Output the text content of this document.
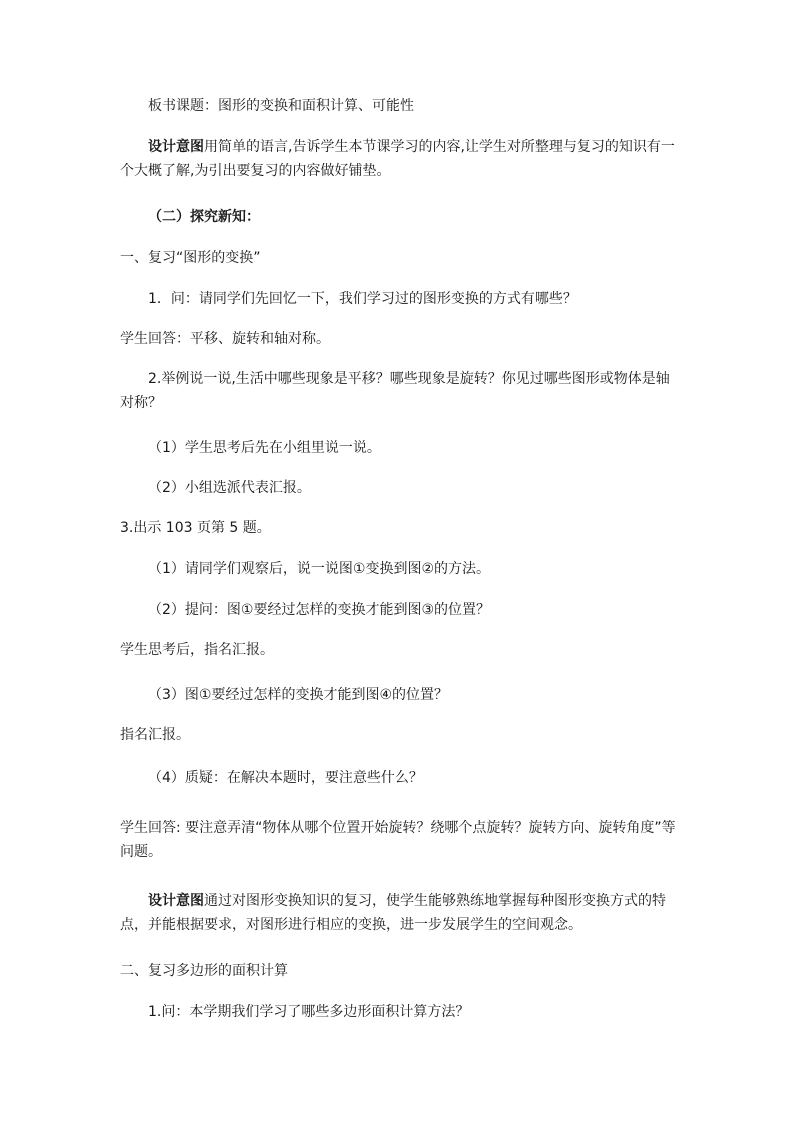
板书课题：图形的变换和面积计算、可能性

设计意图用简单的语言,告诉学生本节课学习的内容,让学生对所整理与复习的知识有一个大概了解,为引出要复习的内容做好铺垫。

（二）探究新知：

一、复习“图形的变换”

1．问：请同学们先回忆一下，我们学习过的图形变换的方式有哪些？

学生回答：平移、旋转和轴对称。

2.举例说一说,生活中哪些现象是平移？哪些现象是旋转？你见过哪些图形或物体是轴对称？

（1）学生思考后先在小组里说一说。

（2）小组选派代表汇报。

3.出示 103 页第 5 题。

（1）请同学们观察后，说一说图①变换到图②的方法。

（2）提问：图①要经过怎样的变换才能到图③的位置？

学生思考后，指名汇报。

（3）图①要经过怎样的变换才能到图④的位置？

指名汇报。

（4）质疑：在解决本题时，要注意些什么？

学生回答: 要注意弄清“物体从哪个位置开始旋转？绕哪个点旋转？旋转方向、旋转角度”等问题。

设计意图通过对图形变换知识的复习，使学生能够熟练地掌握每种图形变换方式的特点，并能根据要求，对图形进行相应的变换，进一步发展学生的空间观念。

二、复习多边形的面积计算

1.问：本学期我们学习了哪些多边形面积计算方法？
